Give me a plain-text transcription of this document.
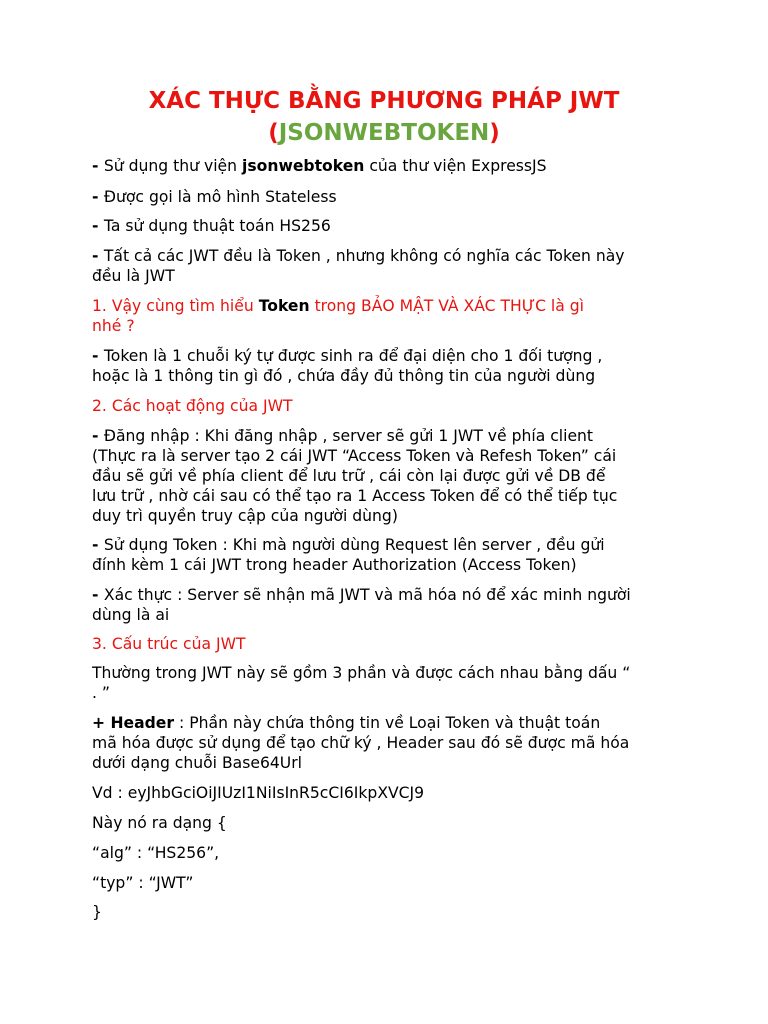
XÁC THỰC BẰNG PHƯƠNG PHÁP JWT
(JSONWEBTOKEN)
- Sử dụng thư viện jsonwebtoken của thư viện ExpressJS
- Được gọi là mô hình Stateless
- Ta sử dụng thuật toán HS256
- Tất cả các JWT đều là Token , nhưng không có nghĩa các Token này
đều là JWT
1. Vậy cùng tìm hiểu Token trong BẢO MẬT VÀ XÁC THỰC là gì
nhé ?
- Token là 1 chuỗi ký tự được sinh ra để đại diện cho 1 đối tượng ,
hoặc là 1 thông tin gì đó , chứa đầy đủ thông tin của người dùng
2. Các hoạt động của JWT
- Đăng nhập : Khi đăng nhập , server sẽ gửi 1 JWT về phía client
(Thực ra là server tạo 2 cái JWT “Access Token và Refesh Token” cái
đầu sẽ gửi về phía client để lưu trữ , cái còn lại được gửi về DB để
lưu trữ , nhờ cái sau có thể tạo ra 1 Access Token để có thể tiếp tục
duy trì quyền truy cập của người dùng)
- Sử dụng Token : Khi mà người dùng Request lên server , đều gửi
đính kèm 1 cái JWT trong header Authorization (Access Token)
- Xác thực : Server sẽ nhận mã JWT và mã hóa nó để xác minh người
dùng là ai
3. Cấu trúc của JWT
Thường trong JWT này sẽ gồm 3 phần và được cách nhau bằng dấu “
. ”
+ Header : Phần này chứa thông tin về Loại Token và thuật toán
mã hóa được sử dụng để tạo chữ ký , Header sau đó sẽ được mã hóa
dưới dạng chuỗi Base64Url
Vd : eyJhbGciOiJIUzI1NiIsInR5cCI6IkpXVCJ9
Này nó ra dạng {
“alg” : “HS256”,
“typ” : “JWT”
}
